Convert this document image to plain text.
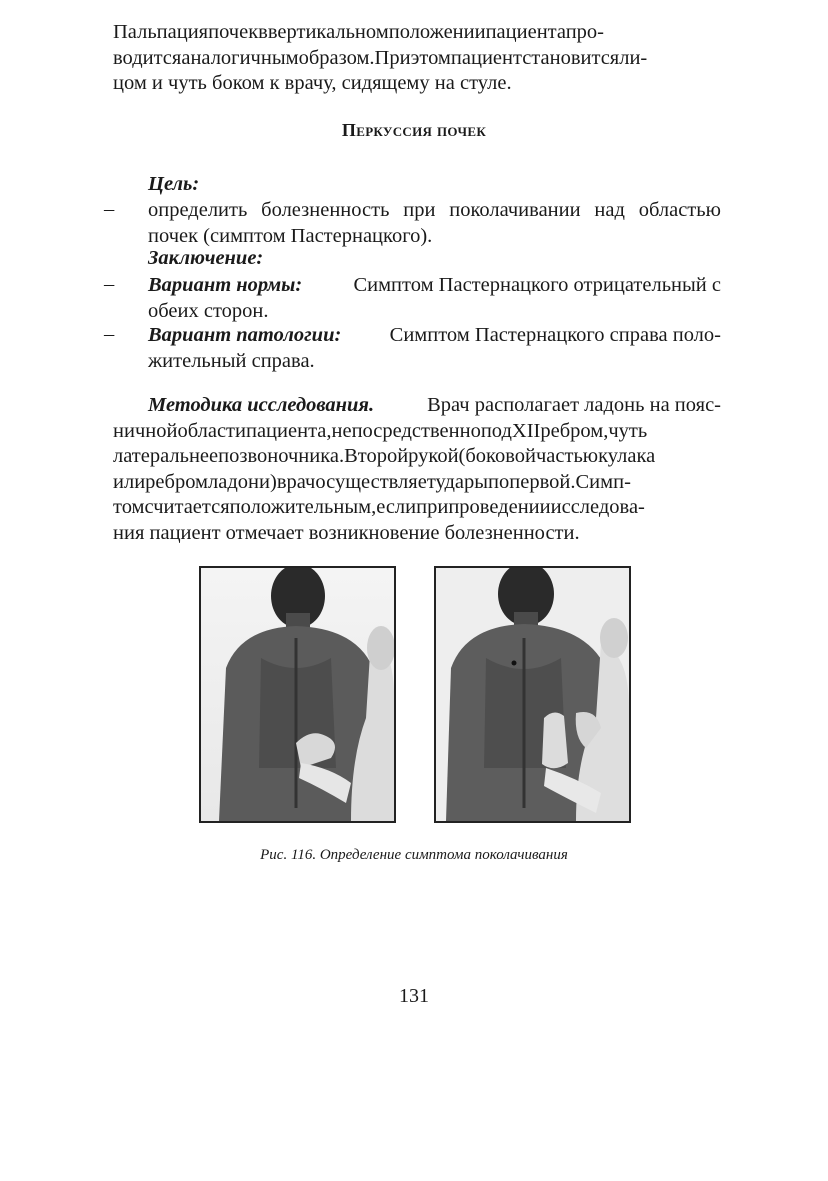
Пальпацияпочекввертикальномположениипациентапро-
водитсяаналогичнымобразом.Приэтомпациентстановитсяли-
цом и чуть боком к врачу, сидящему на стуле.
Перкуссия почек
Цель:
– определить болезненность при поколачивании над областью
почек (симптом Пастернацкого).
Заключение:
– Вариант нормы: Симптом Пастернацкого отрицательный с
обеих сторон.
– Вариант патологии: Симптом Пастернацкого справа поло-
жительный справа.
Методика исследования.	Врач располагает ладонь на пояс-
ничнойобластипациента,непосредственноподXIIребром,чуть
латеральнеепозвоночника.Второйрукой(боковойчастьюкулака
илиребромладони)врачосуществляетударыпопервой.Симп-
томсчитаетсяположительным,еслиприпроведенииисследова-
ния пациент отмечает возникновение болезненности.
Рис. 116. Определение симптома поколачивания
131
